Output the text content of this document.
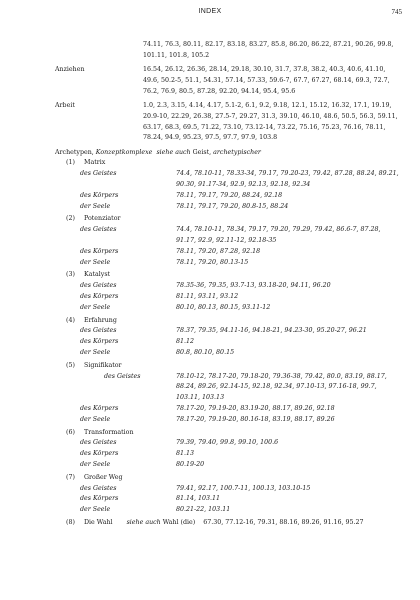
INDEX	745

74.11, 76.3, 80.11, 82.17, 83.18, 83.27, 85.8, 86.20, 86.22, 87.21, 90.26, 99.8, 101.11, 101.8, 105.2

Anziehen	16.54, 26.12, 26.36, 28.14, 29.18, 30.10, 31.7, 37.8, 38.2, 40.3, 40.6, 41.10, 49.6, 50.2-5, 51.1, 54.31, 57.14, 57.33, 59.6-7, 67.7, 67.27, 68.14, 69.3, 72.7, 76.2, 76.9, 80.5, 87.28, 92.20, 94.14, 95.4, 95.6

Arbeit	1.0, 2.3, 3.15, 4.14, 4.17, 5.1-2, 6.1, 9.2, 9.18, 12.1, 15.12, 16.32, 17.1, 19.19, 20.9-10, 22.29, 26.38, 27.5-7, 29.27, 31.3, 39.10, 46.10, 48.6, 50.5, 56.3, 59.11, 63.17, 68.3, 69.5, 71.22, 73.10, 73.12-14, 73.22, 75.16, 75.23, 76.16, 78.11, 78.24, 94.9, 95.23, 97.5, 97.7, 97.9, 103.8

Archetypen, Konzeptkomplexe siehe auch Geist, archetypischer

(1) Matrix

des Geistes	74.4, 78.10-11, 78.33-34, 79.17, 79.20-23, 79.42, 87.28, 88.24, 89.21, 90.30, 91.17-34, 92.9, 92.13, 92.18, 92.34

des Körpers	78.11, 79.17, 79.20, 88.24, 92.18

der Seele	78.11, 79.17, 79.20, 80.8-15, 88.24

(2) Potenziator

des Geistes	74.4, 78.10-11, 78.34, 79.17, 79.20, 79.29, 79.42, 86.6-7, 87.28, 91.17, 92.9, 92.11-12, 92.18-35

des Körpers	78.11, 79.20, 87.28, 92.18

der Seele	78.11, 79.20, 80.13-15

(3) Katalyst

des Geistes	78.35-36, 79.35, 93.7-13, 93.18-20, 94.11, 96.20

des Körpers	81.11, 93.11, 93.12

der Seele	80.10, 80.13, 80.15, 93.11-12

(4) Erfahrung

des Geistes	78.37, 79.35, 94.11-16, 94.18-21, 94.23-30, 95.20-27, 96.21

des Körpers	81.12

der Seele	80.8, 80.10, 80.15

(5) Signifikator

des Geistes	78.10-12, 78.17-20, 79.18-20, 79.36-38, 79.42, 80.0, 83.19, 88.17, 88.24, 89.26, 92.14-15, 92.18, 92.34, 97.10-13, 97.16-18, 99.7, 103.11, 103.13

des Körpers	78.17-20, 79.19-20, 83.19-20, 88.17, 89.26, 92.18

der Seele	78.17-20, 79.19-20, 80.16-18, 83.19, 88.17, 89.26

(6) Transformation

des Geistes	79.39, 79.40, 99.8, 99.10, 100.6

des Körpers	81.13

der Seele	80.19-20

(7) Großer Weg

des Geistes	79.41, 92.17, 100.7-11, 100.13, 103.10-15

des Körpers	81.14, 103.11

der Seele	80.21-22, 103.11

(8) Die Wahl siehe auch Wahl (die) 67.30, 77.12-16, 79.31, 88.16, 89.26, 91.16, 95.27
